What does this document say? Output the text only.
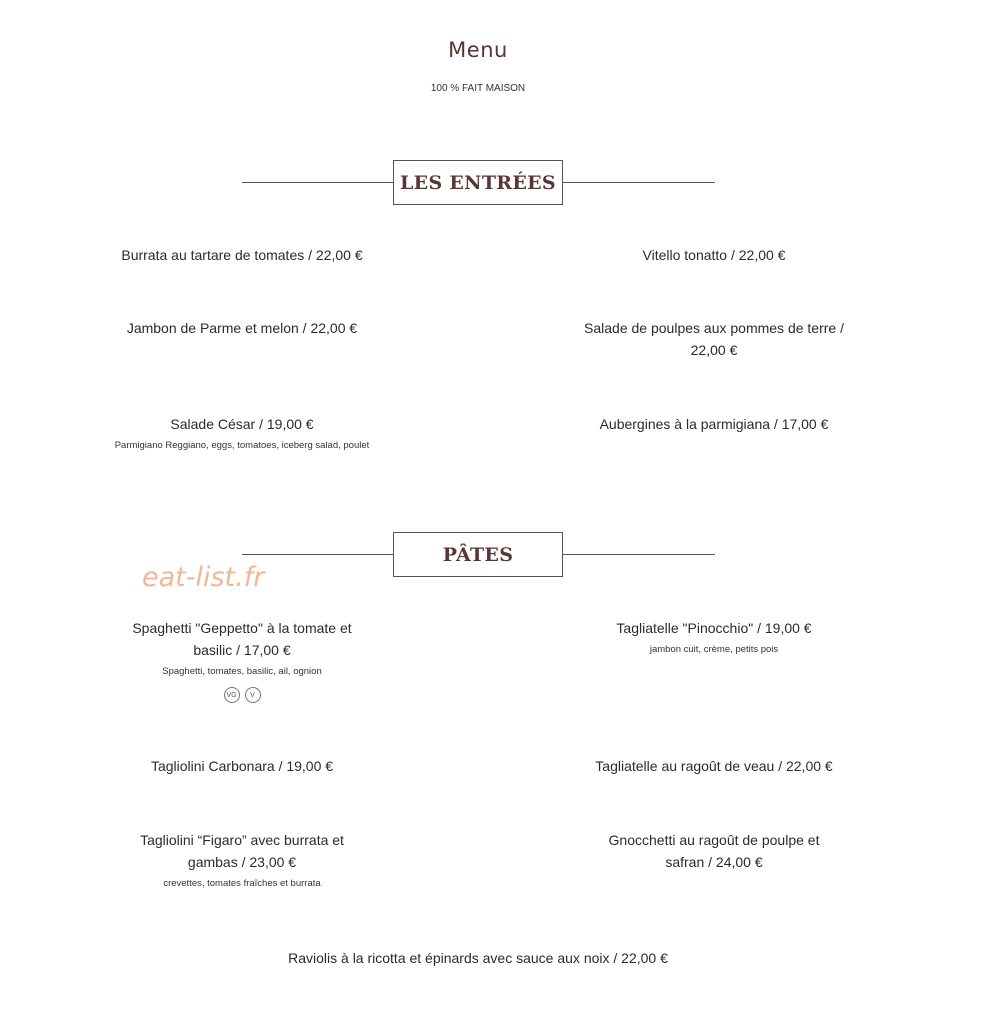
Menu
100 % FAIT MAISON
LES ENTRÉES
Burrata au tartare de tomates / 22,00 €	Vitello tonatto / 22,00 €
Jambon de Parme et melon / 22,00 €	Salade de poulpes aux pommes de terre / 22,00 €
Salade César / 19,00 €
Parmigiano Reggiano, eggs, tomatoes, iceberg salad, poulet
Aubergines à la parmigiana / 17,00 €
PÂTES
eat-list.fr
Spaghetti "Geppetto" à la tomate et basilic / 17,00 €
Spaghetti, tomates, basilic, ail, ognion
VG	V
Tagliatelle "Pinocchio" / 19,00 €
jambon cuit, crème, petits pois
Tagliolini Carbonara / 19,00 €	Tagliatelle au ragoût de veau / 22,00 €
Tagliolini “Figaro” avec burrata et gambas / 23,00 €
crevettes, tomates fraîches et burrata
Gnocchetti au ragoût de poulpe et safran / 24,00 €
Raviolis à la ricotta et épinards avec sauce aux noix / 22,00 €
